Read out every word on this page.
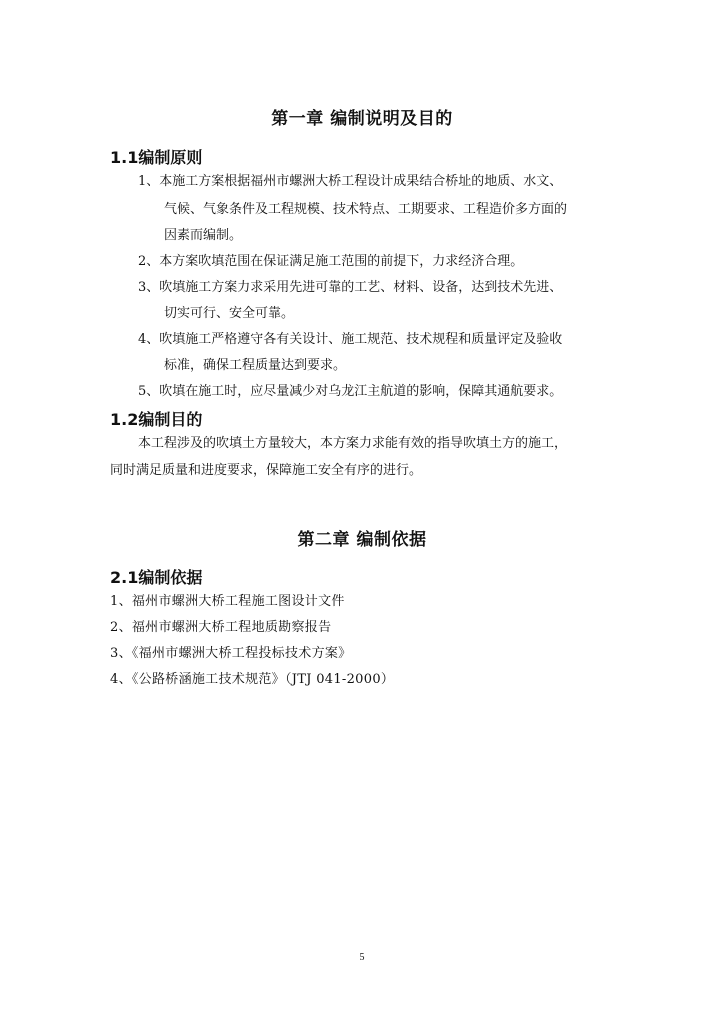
第一章 编制说明及目的
1.1编制原则

1、本施工方案根据福州市螺洲大桥工程设计成果结合桥址的地质、水文、

气候、气象条件及工程规模、技术特点、工期要求、工程造价多方面的

因素而编制。

2、本方案吹填范围在保证满足施工范围的前提下，力求经济合理。

3、吹填施工方案力求采用先进可靠的工艺、材料、设备，达到技术先进、

切实可行、安全可靠。

4、吹填施工严格遵守各有关设计、施工规范、技术规程和质量评定及验收

标准，确保工程质量达到要求。

5、吹填在施工时，应尽量减少对乌龙江主航道的影响，保障其通航要求。

1.2编制目的

本工程涉及的吹填土方量较大，本方案力求能有效的指导吹填土方的施工，

同时满足质量和进度要求，保障施工安全有序的进行。

第二章 编制依据
2.1编制依据

1、福州市螺洲大桥工程施工图设计文件

2、福州市螺洲大桥工程地质勘察报告

3、《福州市螺洲大桥工程投标技术方案》

4、《公路桥涵施工技术规范》（JTJ 041-2000）

5
